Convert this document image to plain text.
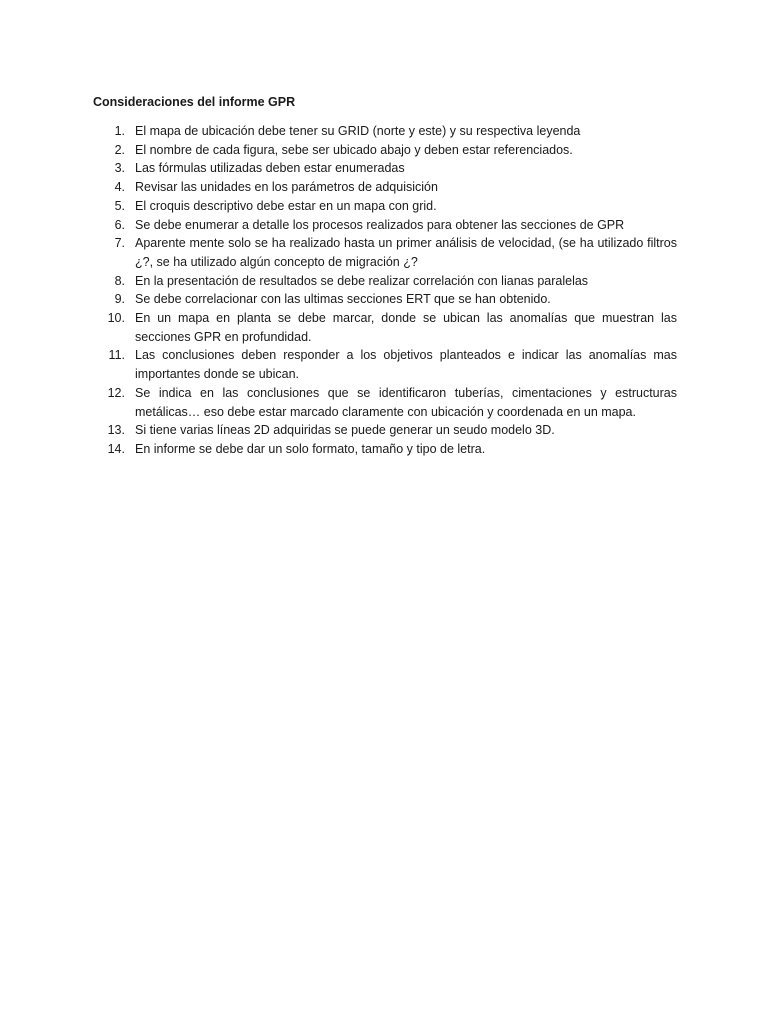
Consideraciones del informe GPR
1. El mapa de ubicación debe tener su GRID (norte y este) y su respectiva leyenda
2. El nombre de cada figura, sebe ser ubicado abajo y deben estar referenciados.
3. Las fórmulas utilizadas deben estar enumeradas
4. Revisar las unidades en los parámetros de adquisición
5. El croquis descriptivo debe estar en un mapa con grid.
6. Se debe enumerar a detalle los procesos realizados para obtener las secciones de GPR
7. Aparente mente solo se ha realizado hasta un primer análisis de velocidad, (se ha utilizado filtros ¿?, se ha utilizado algún concepto de migración ¿?
8. En la presentación de resultados se debe realizar correlación con lianas paralelas
9. Se debe correlacionar con las ultimas secciones ERT que se han obtenido.
10. En un mapa en planta se debe marcar, donde se ubican las anomalías que muestran las secciones GPR en profundidad.
11. Las conclusiones deben responder a los objetivos planteados e indicar las anomalías mas importantes donde se ubican.
12. Se indica en las conclusiones que se identificaron tuberías, cimentaciones y estructuras metálicas… eso debe estar marcado claramente con ubicación y coordenada en un mapa.
13. Si tiene varias líneas 2D adquiridas se puede generar un seudo modelo 3D.
14. En informe se debe dar un solo formato, tamaño y tipo de letra.
